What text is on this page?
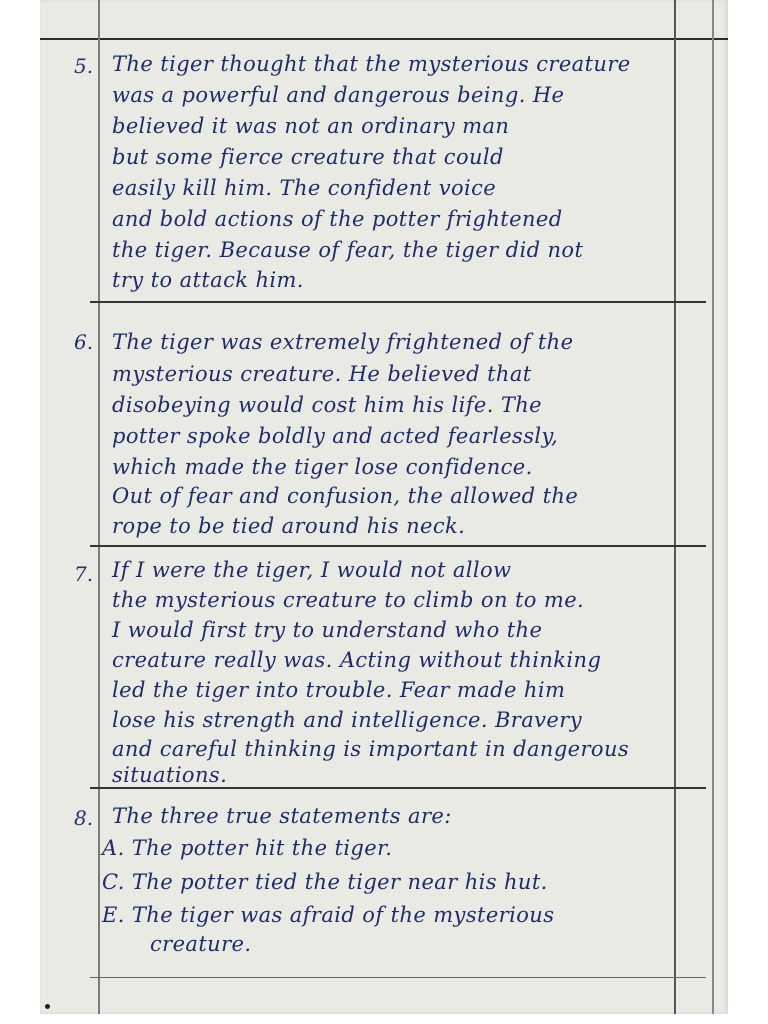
5. The tiger thought that the mysterious creature
was a powerful and dangerous being. He
believed it was not an ordinary man
but some fierce creature that could
easily kill him. The confident voice
and bold actions of the potter frightened
the tiger. Because of fear, the tiger did not
try to attack him.
6. The tiger was extremely frightened of the
mysterious creature. He believed that
disobeying would cost him his life. The
potter spoke boldly and acted fearlessly,
which made the tiger lose confidence.
Out of fear and confusion, the allowed the
rope to be tied around his neck.
7. If I were the tiger, I would not allow
the mysterious creature to climb on to me.
I would first try to understand who the
creature really was. Acting without thinking
led the tiger into trouble. Fear made him
lose his strength and intelligence. Bravery
and careful thinking is important in dangerous
situations.
8. The three true statements are:
A. The potter hit the tiger.
C. The potter tied the tiger near his hut.
E. The tiger was afraid of the mysterious
creature.
